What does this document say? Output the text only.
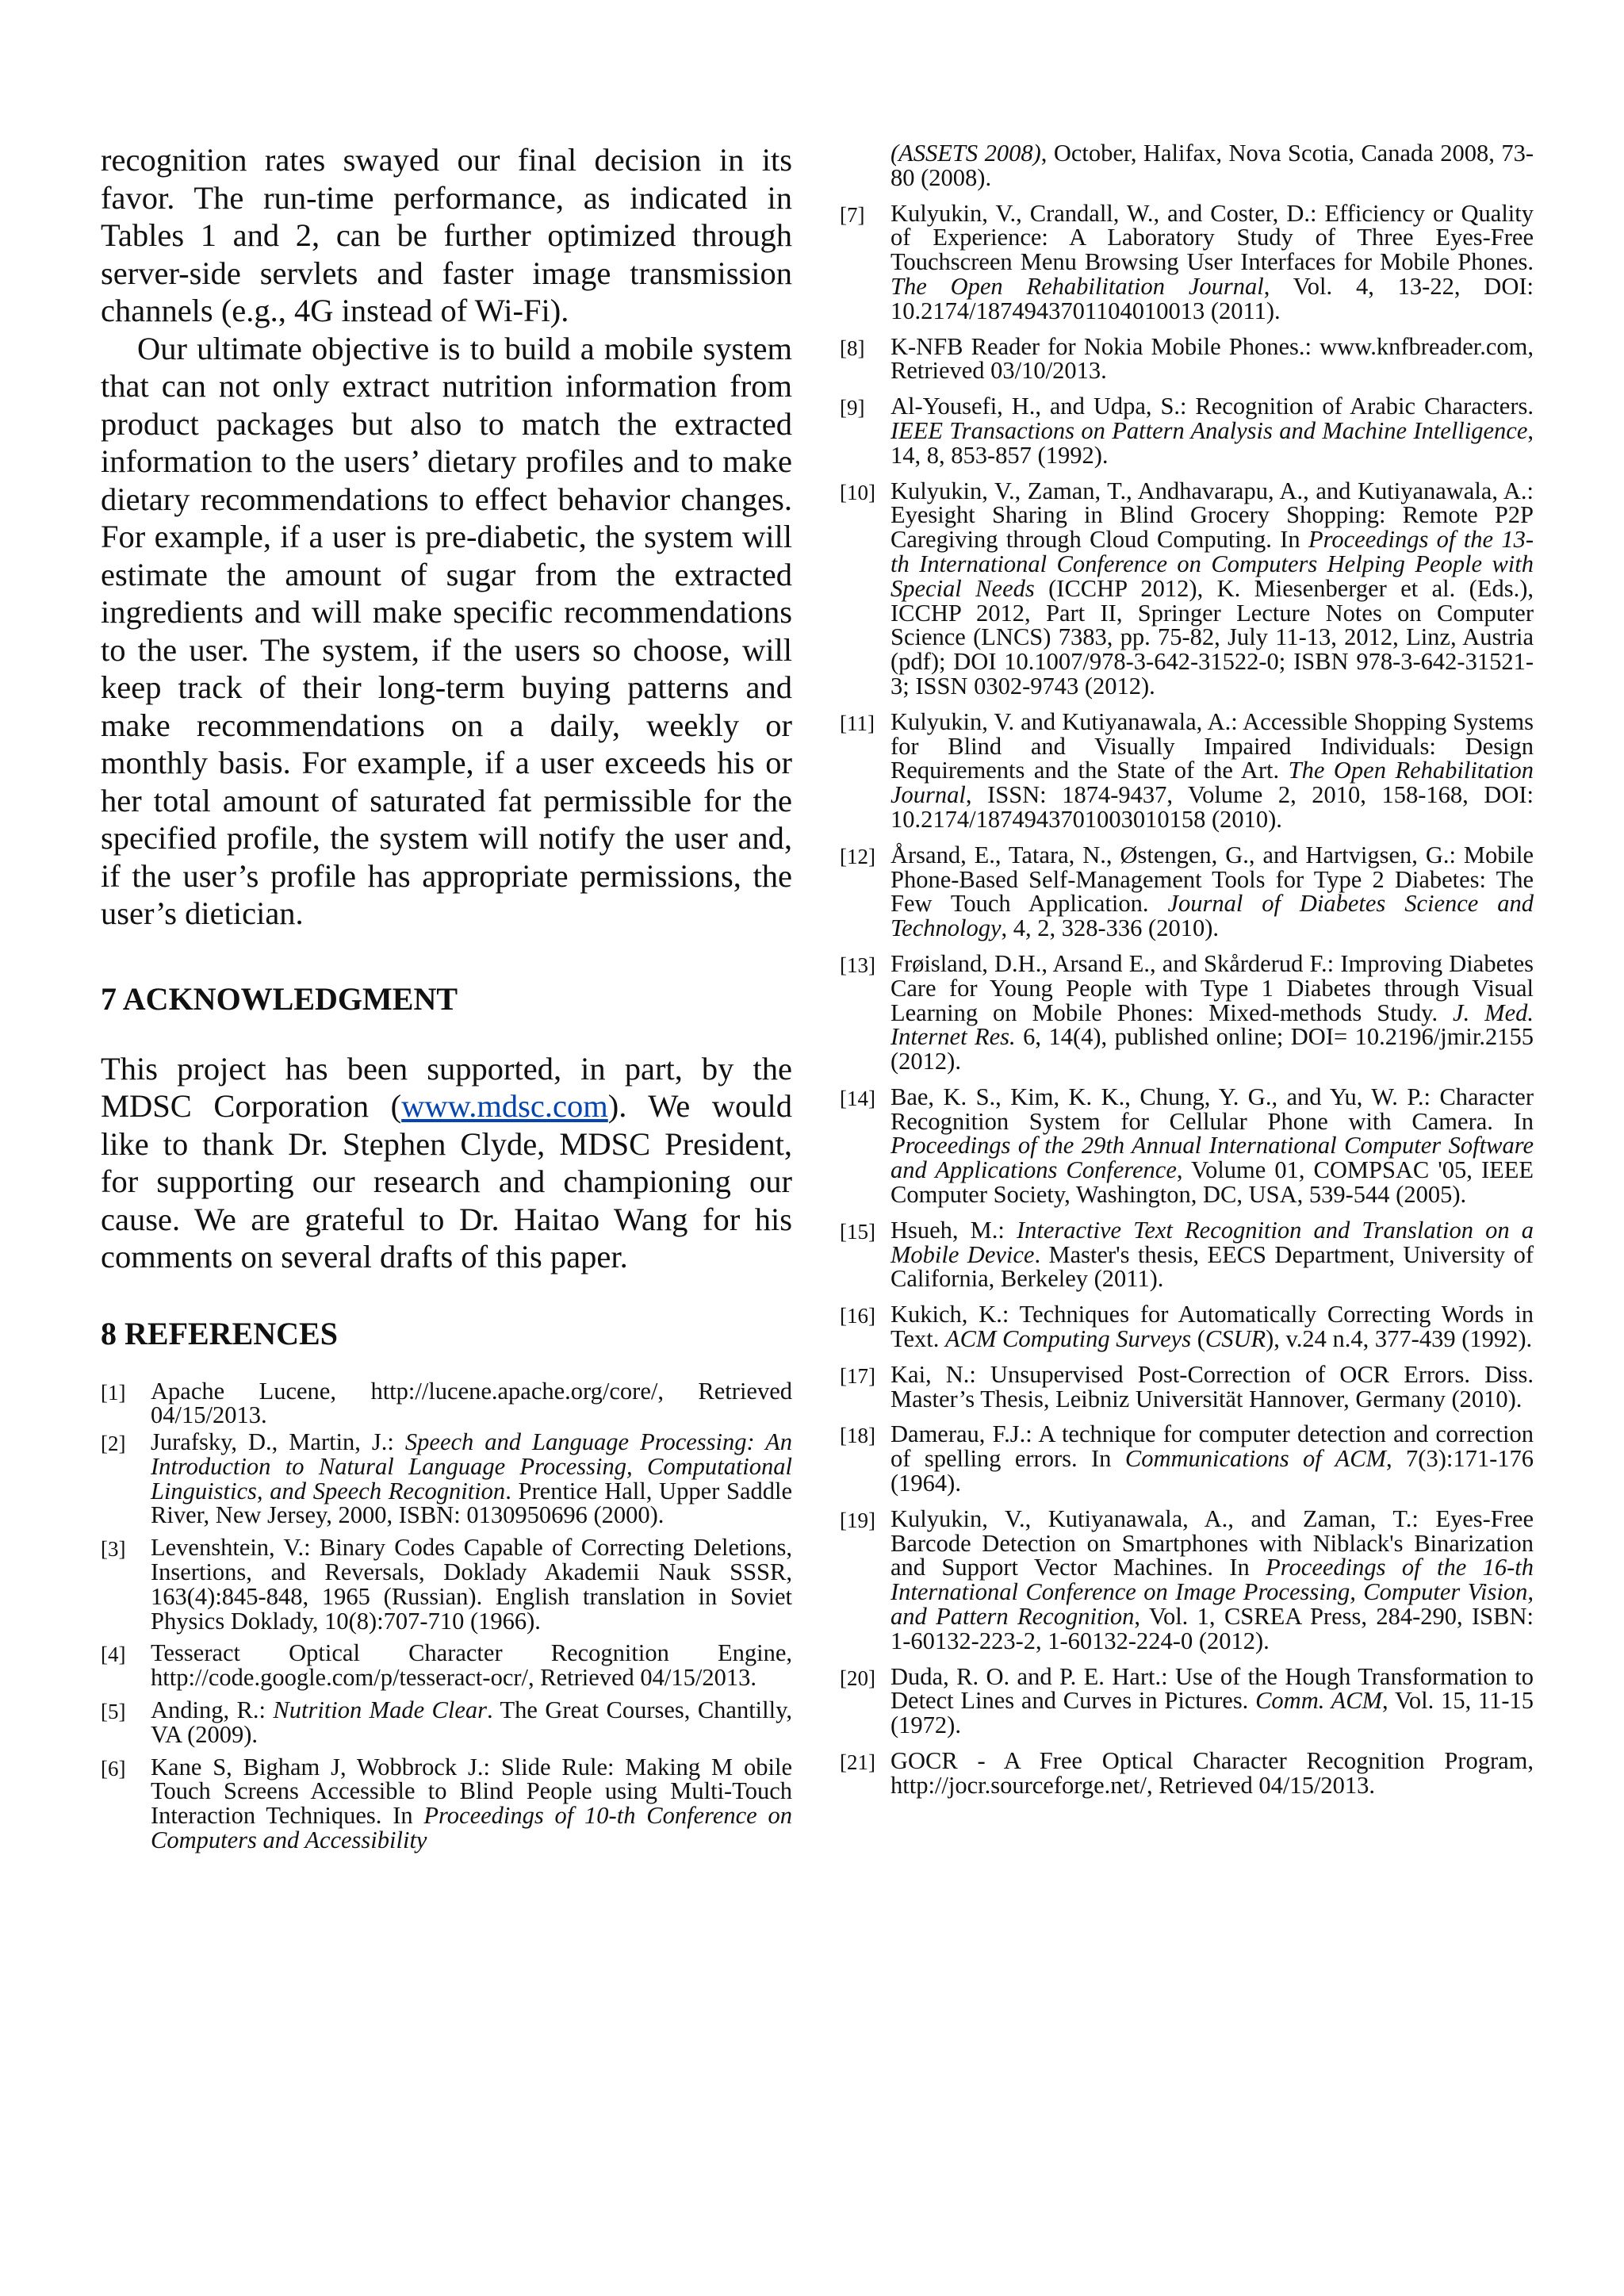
recognition rates swayed our final decision in its favor. The run-time performance, as indicated in Tables 1 and 2, can be further optimized through server-side servlets and faster image transmission channels (e.g., 4G instead of Wi-Fi).

Our ultimate objective is to build a mobile system that can not only extract nutrition information from product packages but also to match the extracted information to the users’ dietary profiles and to make dietary recommendations to effect behavior changes. For example, if a user is pre-diabetic, the system will estimate the amount of sugar from the extracted ingredients and will make specific recommendations to the user. The system, if the users so choose, will keep track of their long-term buying patterns and make recommendations on a daily, weekly or monthly basis. For example, if a user exceeds his or her total amount of saturated fat permissible for the specified profile, the system will notify the user and, if the user’s profile has appropriate permissions, the user’s dietician.

7 ACKNOWLEDGMENT

This project has been supported, in part, by the MDSC Corporation (www.mdsc.com). We would like to thank Dr. Stephen Clyde, MDSC President, for supporting our research and championing our cause. We are grateful to Dr. Haitao Wang for his comments on several drafts of this paper.

8 REFERENCES
[1]	Apache Lucene, http://lucene.apache.org/core/, Retrieved 04/15/2013.
[2]	Jurafsky, D., Martin, J.: Speech and Language Processing: An Introduction to Natural Language Processing, Computational Linguistics, and Speech Recognition. Prentice Hall, Upper Saddle River, New Jersey, 2000, ISBN: 0130950696 (2000).
[3]	Levenshtein, V.: Binary Codes Capable of Correcting Deletions, Insertions, and Reversals, Doklady Akademii Nauk SSSR, 163(4):845-848, 1965 (Russian). English translation in Soviet Physics Doklady, 10(8):707-710 (1966).
[4]	Tesseract Optical Character Recognition Engine, http://code.google.com/p/tesseract-ocr/, Retrieved 04/15/2013.
[5]	Anding, R.: Nutrition Made Clear. The Great Courses, Chantilly, VA (2009).
[6]	Kane S, Bigham J, Wobbrock J.: Slide Rule: Making M obile Touch Screens Accessible to Blind People using Multi-Touch Interaction Techniques. In Proceedings of 10-th Conference on Computers and Accessibility
(ASSETS 2008), October, Halifax, Nova Scotia, Canada 2008, 73-80 (2008).
[7]	Kulyukin, V., Crandall, W., and Coster, D.: Efficiency or Quality of Experience: A Laboratory Study of Three Eyes-Free Touchscreen Menu Browsing User Interfaces for Mobile Phones. The Open Rehabilitation Journal, Vol. 4, 13-22, DOI: 10.2174/1874943701104010013 (2011).
[8]	K-NFB Reader for Nokia Mobile Phones.: www.knfbreader.com, Retrieved 03/10/2013.
[9]	Al-Yousefi, H., and Udpa, S.: Recognition of Arabic Characters. IEEE Transactions on Pattern Analysis and Machine Intelligence, 14, 8, 853-857 (1992).
[10] Kulyukin, V., Zaman, T., Andhavarapu, A., and Kutiyanawala, A.: Eyesight Sharing in Blind Grocery Shopping: Remote P2P Caregiving through Cloud Computing. In Proceedings of the 13-th International Conference on Computers Helping People with Special Needs (ICCHP 2012), K. Miesenberger et al. (Eds.), ICCHP 2012, Part II, Springer Lecture Notes on Computer Science (LNCS) 7383, pp. 75-82, July 11-13, 2012, Linz, Austria (pdf); DOI 10.1007/978-3-642-31522-0; ISBN 978-3-642-31521-3; ISSN 0302-9743 (2012).
[11] Kulyukin, V. and Kutiyanawala, A.: Accessible Shopping Systems for Blind and Visually Impaired Individuals: Design Requirements and the State of the Art. The Open Rehabilitation Journal, ISSN: 1874-9437, Volume 2, 2010, 158-168, DOI: 10.2174/1874943701003010158 (2010).
[12] Årsand, E., Tatara, N., Østengen, G., and Hartvigsen, G.: Mobile Phone-Based Self-Management Tools for Type 2 Diabetes: The Few Touch Application. Journal of Diabetes Science and Technology, 4, 2, 328-336 (2010).
[13] Frøisland, D.H., Arsand E., and Skårderud F.: Improving Diabetes Care for Young People with Type 1 Diabetes through Visual Learning on Mobile Phones: Mixed-methods Study. J. Med. Internet Res. 6, 14(4), published online; DOI= 10.2196/jmir.2155 (2012).
[14] Bae, K. S., Kim, K. K., Chung, Y. G., and Yu, W. P.: Character Recognition System for Cellular Phone with Camera. In Proceedings of the 29th Annual International Computer Software and Applications Conference, Volume 01, COMPSAC '05, IEEE Computer Society, Washington, DC, USA, 539-544 (2005).
[15] Hsueh, M.: Interactive Text Recognition and Translation on a Mobile Device. Master's thesis, EECS Department, University of California, Berkeley (2011).
[16] Kukich, K.: Techniques for Automatically Correcting Words in Text. ACM Computing Surveys (CSUR), v.24 n.4, 377-439 (1992).
[17] Kai, N.: Unsupervised Post-Correction of OCR Errors. Diss. Master’s Thesis, Leibniz Universität Hannover, Germany (2010).
[18] Damerau, F.J.: A technique for computer detection and correction of spelling errors. In Communications of ACM, 7(3):171-176 (1964).
[19] Kulyukin, V., Kutiyanawala, A., and Zaman, T.: Eyes-Free Barcode Detection on Smartphones with Niblack's Binarization and Support Vector Machines. In Proceedings of the 16-th International Conference on Image Processing, Computer Vision, and Pattern Recognition, Vol. 1, CSREA Press, 284-290, ISBN: 1-60132-223-2, 1-60132-224-0 (2012).
[20] Duda, R. O. and P. E. Hart.: Use of the Hough Transformation to Detect Lines and Curves in Pictures. Comm. ACM, Vol. 15, 11-15 (1972).
[21] GOCR - A Free Optical Character Recognition Program, http://jocr.sourceforge.net/, Retrieved 04/15/2013.
